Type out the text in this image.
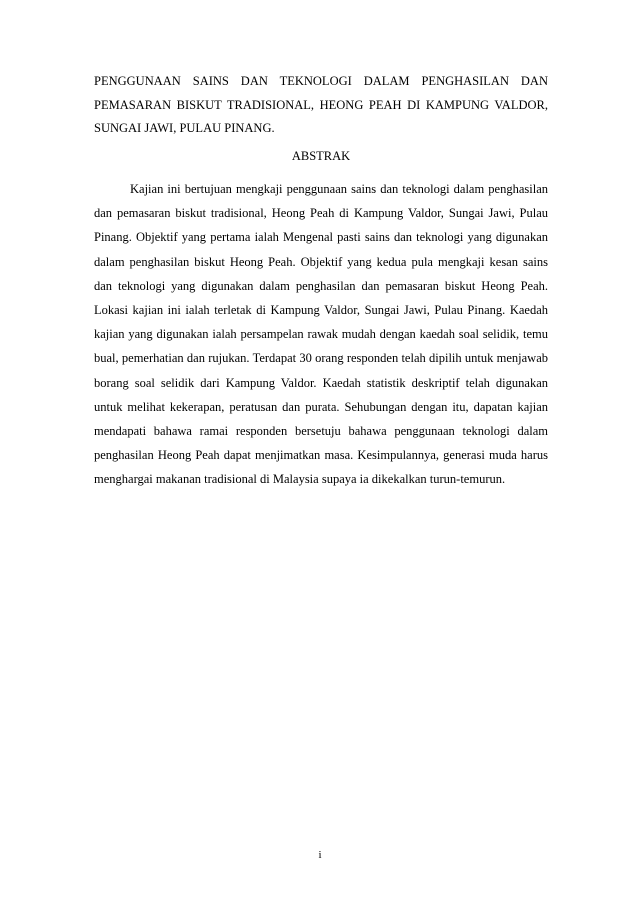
PENGGUNAAN SAINS DAN TEKNOLOGI DALAM PENGHASILAN DAN PEMASARAN BISKUT TRADISIONAL, HEONG PEAH DI KAMPUNG VALDOR, SUNGAI JAWI, PULAU PINANG.

ABSTRAK

Kajian ini bertujuan mengkaji penggunaan sains dan teknologi dalam penghasilan dan pemasaran biskut tradisional, Heong Peah di Kampung Valdor, Sungai Jawi, Pulau Pinang. Objektif yang pertama ialah Mengenal pasti sains dan teknologi yang digunakan dalam penghasilan biskut Heong Peah. Objektif yang kedua pula mengkaji kesan sains dan teknologi yang digunakan dalam penghasilan dan pemasaran biskut Heong Peah. Lokasi kajian ini ialah terletak di Kampung Valdor, Sungai Jawi, Pulau Pinang. Kaedah kajian yang digunakan ialah persampelan rawak mudah dengan kaedah soal selidik, temu bual, pemerhatian dan rujukan. Terdapat 30 orang responden telah dipilih untuk menjawab borang soal selidik dari Kampung Valdor. Kaedah statistik deskriptif telah digunakan untuk melihat kekerapan, peratusan dan purata. Sehubungan dengan itu, dapatan kajian mendapati bahawa ramai responden bersetuju bahawa penggunaan teknologi dalam penghasilan Heong Peah dapat menjimatkan masa. Kesimpulannya, generasi muda harus menghargai makanan tradisional di Malaysia supaya ia dikekalkan turun-temurun.

i
